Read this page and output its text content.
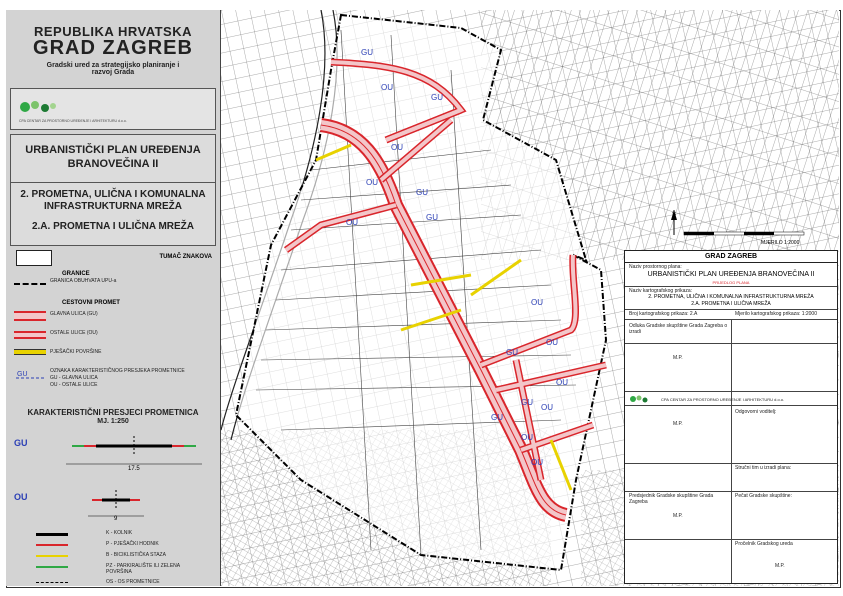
REPUBLIKA HRVATSKA
GRAD ZAGREB
Gradski ured za strategijsko planiranje i razvoj Grada
CPA CENTAR ZA PROSTORNO UREĐENJE I ARHITEKTURU d.o.o.
URBANISTIČKI PLAN UREĐENJA BRANOVEČINA II
2. PROMETNA, ULIČNA I KOMUNALNA INFRASTRUKTURNA MREŽA
2.A. PROMETNA I ULIČNA MREŽA
TUMAČ ZNAKOVA
GRANICE
GRANICA OBUHVATA UPU-a
CESTOVNI PROMET
GLAVNA ULICA (GU)
OSTALE ULICE (OU)
PJEŠAČKI POVRŠINE
GU	OZNAKA KARAKTERISTIČNOG PRESJEKA PROMETNICE
GU - GLAVNA ULICA
OU - OSTALE ULICE
KARAKTERISTIČNI PRESJECI PROMETNICA
MJ. 1:250
GU
17.5
OU
9
K - KOLNIK
P - PJEŠAČKI HODNIK
B - BICIKLISTIČKA STAZA
PZ - PARKIRALIŠTE ILI ZELENA POVRŠINA
OS - OS PROMETNICE
GU
OU
GU
OU
OU
GU
OU
GU
OU
OU
GU
OU
GU
OU
OU
GU
OU
S
MJERILO 1:2000
GRAD ZAGREB
Naziv prostornog plana:
URBANISTIČKI PLAN UREĐENJA BRANOVEČINA II
PRIJEDLOG PLANA
Naziv kartografskog prikaza:
2. PROMETNA, ULIČNA I KOMUNALNA INFRASTRUKTURNA MREŽA
2.A. PROMETNA I ULIČNA MREŽA
Broj kartografskog prikaza: 2.A	Mjerilo kartografskog prikaza: 1:2000
Odluka Gradske skupštine Grada Zagreba o izradi
M.P.
CPA CENTAR ZA PROSTORNO UREĐENJE I ARHITEKTURU d.o.o.
Odgovorni voditelj:
M.P.
Stručni tim u izradi plana:
Predsjednik Gradske skupštine Grada Zagreba
Pečat Gradske skupštine:
M.P.
Pročelnik Gradskog ureda
M.P.
